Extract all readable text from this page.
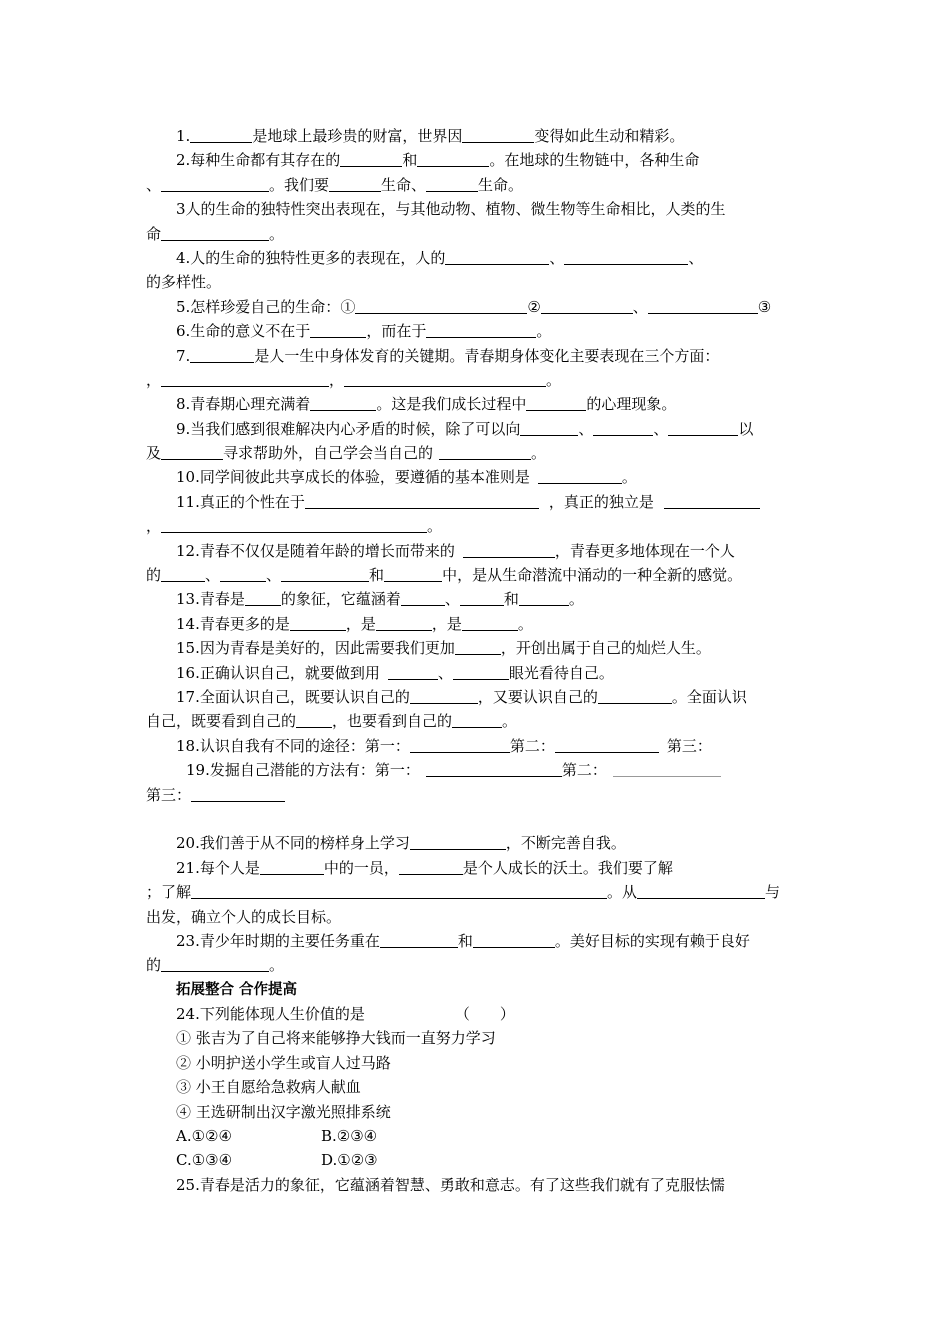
1.	是地球上最珍贵的财富，世界因	变得如此生动和精彩。
2.每种生命都有其存在的	和	。在地球的生物链中，各种生命
、	。我们要	生命、	生命。
3人的生命的独特性突出表现在，与其他动物、植物、微生物等生命相比，人类的生
命	。
4.人的生命的独特性更多的表现在，人的	、	、
的多样性。
5.怎样珍爱自己的生命：①	②	、	③
6.生命的意义不在于	，而在于	。
7.	是人一生中身体发育的关键期。青春期身体变化主要表现在三个方面：
，	，	。
8.青春期心理充满着	。这是我们成长过程中	的心理现象。
9.当我们感到很难解决内心矛盾的时候，除了可以向	、	、	以
及	寻求帮助外，自己学会当自己的	。
10.同学间彼此共享成长的体验，要遵循的基本准则是	。
11.真正的个性在于	，真正的独立是
，	。
12.青春不仅仅是随着年龄的增长而带来的	，青春更多地体现在一个人
的	、	、	和	中，是从生命潜流中涌动的一种全新的感觉。
13.青春是 的象征，它蕴涵着	、	和	。
14.青春更多的是	，是	，是	。
15.因为青春是美好的，因此需要我们更加	，开创出属于自己的灿烂人生。
16.正确认识自己，就要做到用	、	眼光看待自己。
17.全面认识自己，既要认识自己的	，又要认识自己的	。全面认识
自己，既要看到自己的 ，也要看到自己的	。
18.认识自我有不同的途径：第一：	第二：	第三：
19.发掘自己潜能的方法有：第一：	第二：
第三：
20.我们善于从不同的榜样身上学习	，不断完善自我。
21.每个人是	中的一员，	是个人成长的沃土。我们要了解
；了解	。从	与
出发，确立个人的成长目标。
23.青少年时期的主要任务重在	和	。美好目标的实现有赖于良好
的	。
拓展整合 合作提高
24.下列能体现人生价值的是	（　　）
① 张吉为了自己将来能够挣大钱而一直努力学习
② 小明护送小学生或盲人过马路
③ 小王自愿给急救病人献血
④ 王选研制出汉字激光照排系统
A.①②④	B.②③④
C.①③④	D.①②③
25.青春是活力的象征，它蕴涵着智慧、勇敢和意志。有了这些我们就有了克服怯懦
